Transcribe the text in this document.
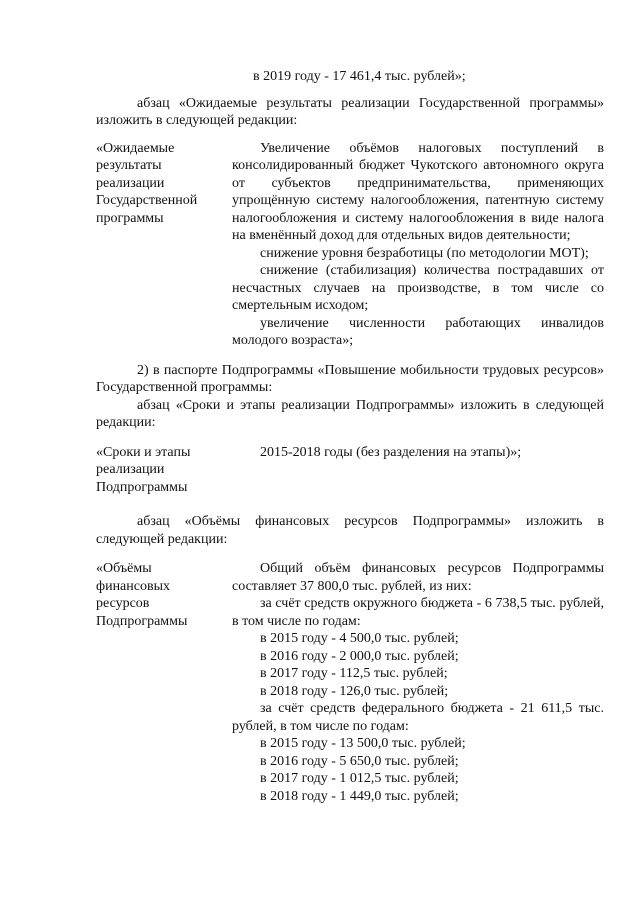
в 2019 году - 17 461,4 тыс. рублей»;

абзац «Ожидаемые результаты реализации Государственной программы» изложить в следующей редакции:

«Ожидаемые
результаты
реализации
Государственной
программы

Увеличение объёмов налоговых поступлений в консолидированный бюджет Чукотского автономного округа от субъектов предпринимательства, применяющих упрощённую систему налогообложения, патентную систему налогообложения и систему налогообложения в виде налога на вменённый доход для отдельных видов деятельности;

снижение уровня безработицы (по методологии МОТ);

снижение (стабилизация) количества пострадавших от несчастных случаев на производстве, в том числе со смертельным исходом;

увеличение численности работающих инвалидов молодого возраста»;

2) в паспорте Подпрограммы «Повышение мобильности трудовых ресурсов» Государственной программы:

абзац «Сроки и этапы реализации Подпрограммы» изложить в следующей редакции:

«Сроки и этапы
реализации
Подпрограммы

2015-2018 годы (без разделения на этапы)»;

абзац «Объёмы финансовых ресурсов Подпрограммы» изложить в следующей редакции:

«Объёмы
финансовых
ресурсов
Подпрограммы

Общий объём финансовых ресурсов Подпрограммы составляет 37 800,0 тыс. рублей, из них:

за счёт средств окружного бюджета - 6 738,5 тыс. рублей, в том числе по годам:

в 2015 году - 4 500,0 тыс. рублей;

в 2016 году - 2 000,0 тыс. рублей;

в 2017 году - 112,5 тыс. рублей;

в 2018 году - 126,0 тыс. рублей;

за счёт средств федерального бюджета - 21 611,5 тыс. рублей, в том числе по годам:

в 2015 году - 13 500,0 тыс. рублей;

в 2016 году - 5 650,0 тыс. рублей;

в 2017 году - 1 012,5 тыс. рублей;

в 2018 году - 1 449,0 тыс. рублей;
